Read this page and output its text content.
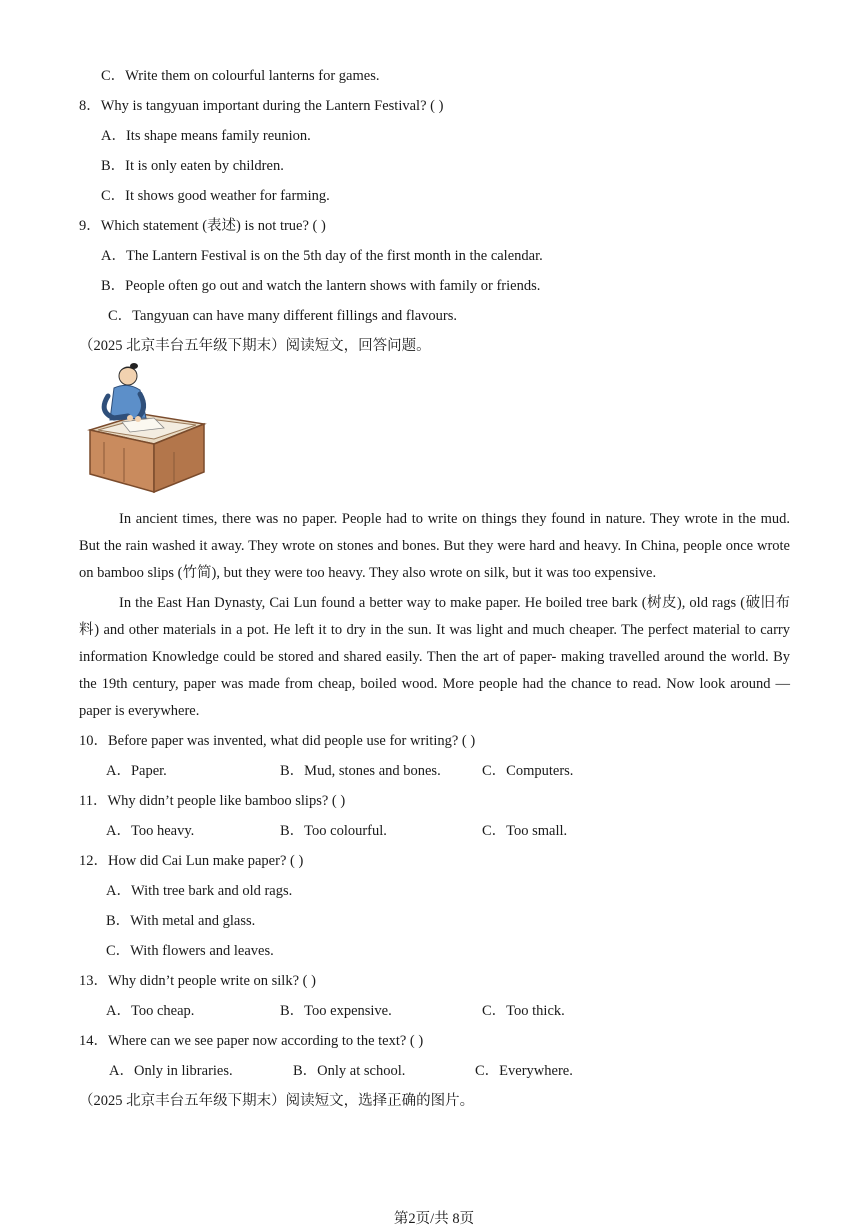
C．Write them on colourful lanterns for games.
8．Why is tangyuan important during the Lantern Festival? ( )
A．Its shape means family reunion.
B．It is only eaten by children.
C．It shows good weather for farming.
9．Which statement (表述) is not true? ( )
A．The Lantern Festival is on the 5th day of the first month in the calendar.
B．People often go out and watch the lantern shows with family or friends.
C．Tangyuan can have many different fillings and flavours.
（2025 北京丰台五年级下期末）阅读短文，回答问题。
In ancient times, there was no paper. People had to write on things they found in nature. They wrote in the mud. But the rain washed it away. They wrote on stones and bones. But they were hard and heavy. In China, people once wrote on bamboo slips (竹简), but they were too heavy. They also wrote on silk, but it was too expensive.
In the East Han Dynasty, Cai Lun found a better way to make paper. He boiled tree bark (树皮), old rags (破旧布料) and other materials in a pot. He left it to dry in the sun. It was light and much cheaper. The perfect material to carry information Knowledge could be stored and shared easily. Then the art of paper- making travelled around the world. By the 19th century, paper was made from cheap, boiled wood. More people had the chance to read. Now look around — paper is everywhere.
10．Before paper was invented, what did people use for writing? ( )
A．Paper.	B．Mud, stones and bones.	C．Computers.
11．Why didn’t people like bamboo slips? ( )
A．Too heavy.	B．Too colourful.	C．Too small.
12．How did Cai Lun make paper? ( )
A．With tree bark and old rags.
B．With metal and glass.
C．With flowers and leaves.
13．Why didn’t people write on silk? ( )
A．Too cheap.	B．Too expensive.	C．Too thick.
14．Where can we see paper now according to the text? ( )
A．Only in libraries.	B．Only at school.	C．Everywhere.
（2025 北京丰台五年级下期末）阅读短文，选择正确的图片。
第2页/共 8页
